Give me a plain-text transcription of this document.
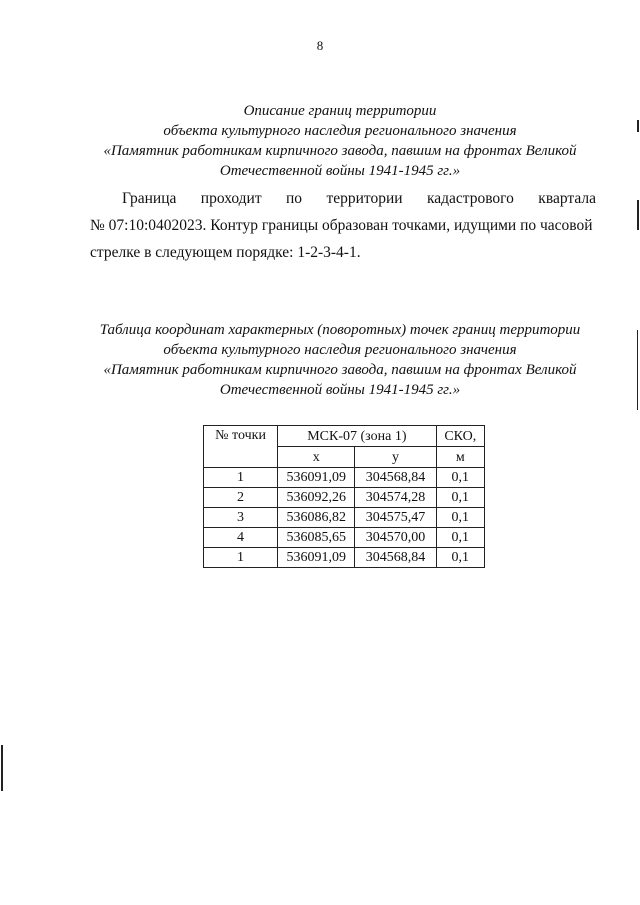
8
Описание границ территории
объекта культурного наследия регионального значения
«Памятник работникам кирпичного завода, павшим на фронтах Великой
Отечественной войны 1941-1945 гг.»
Граница проходит по территории кадастрового квартала
№ 07:10:0402023. Контур границы образован точками, идущими по часовой
стрелке в следующем порядке: 1-2-3-4-1.
Таблица координат характерных (поворотных) точек границ территории
объекта культурного наследия регионального значения
«Памятник работникам кирпичного завода, павшим на фронтах Великой
Отечественной войны 1941-1945 гг.»
№ точки	МСК-07 (зона 1)		СКО,
	x	y	м
1	536091,09	304568,84	0,1
2	536092,26	304574,28	0,1
3	536086,82	304575,47	0,1
4	536085,65	304570,00	0,1
1	536091,09	304568,84	0,1
